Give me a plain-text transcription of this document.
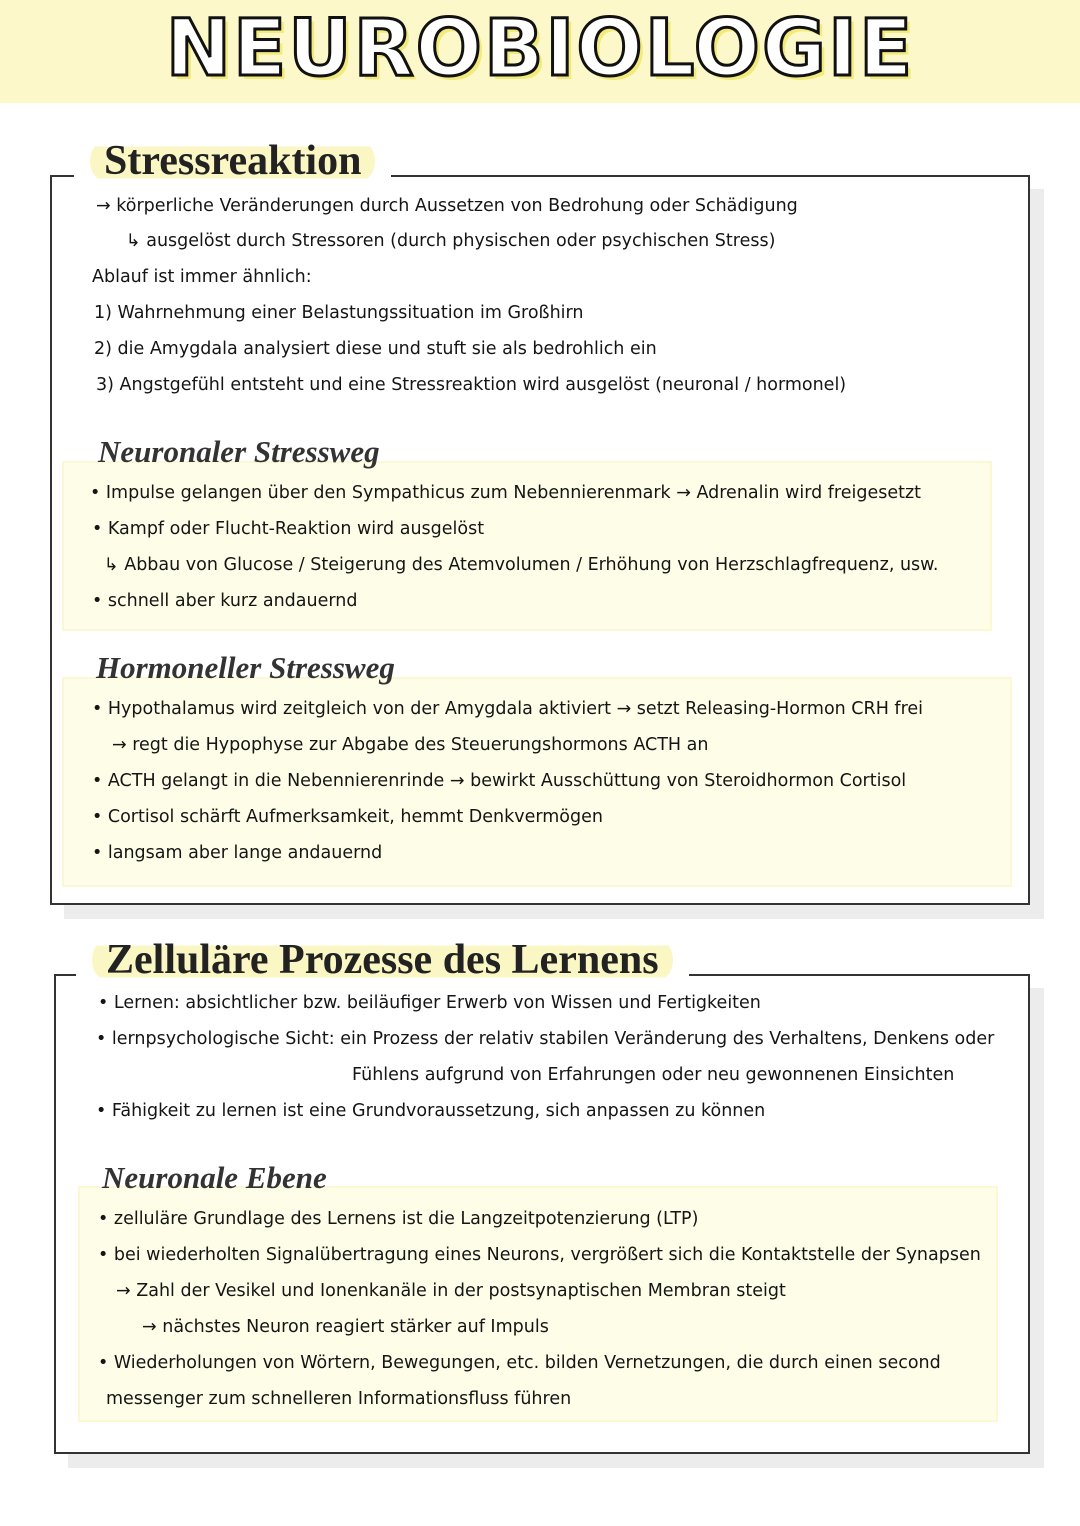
NEUROBIOLOGIE
Stressreaktion
→ körperliche Veränderungen durch Aussetzen von Bedrohung oder Schädigung
↳ ausgelöst durch Stressoren (durch physischen oder psychischen Stress)
Ablauf ist immer ähnlich:
1) Wahrnehmung einer Belastungssituation im Großhirn
2) die Amygdala analysiert diese und stuft sie als bedrohlich ein
3) Angstgefühl entsteht und eine Stressreaktion wird ausgelöst (neuronal / hormonel)
Neuronaler Stressweg
• Impulse gelangen über den Sympathicus zum Nebennierenmark → Adrenalin wird freigesetzt
• Kampf oder Flucht-Reaktion wird ausgelöst
↳ Abbau von Glucose / Steigerung des Atemvolumen / Erhöhung von Herzschlagfrequenz, usw.
• schnell aber kurz andauernd
Hormoneller Stressweg
• Hypothalamus wird zeitgleich von der Amygdala aktiviert → setzt Releasing-Hormon CRH frei
→ regt die Hypophyse zur Abgabe des Steuerungshormons ACTH an
• ACTH gelangt in die Nebennierenrinde → bewirkt Ausschüttung von Steroidhormon Cortisol
• Cortisol schärft Aufmerksamkeit, hemmt Denkvermögen
• langsam aber lange andauernd
Zelluläre Prozesse des Lernens
• Lernen: absichtlicher bzw. beiläufiger Erwerb von Wissen und Fertigkeiten
• lernpsychologische Sicht: ein Prozess der relativ stabilen Veränderung des Verhaltens, Denkens oder
Fühlens aufgrund von Erfahrungen oder neu gewonnenen Einsichten
• Fähigkeit zu lernen ist eine Grundvoraussetzung, sich anpassen zu können
Neuronale Ebene
• zelluläre Grundlage des Lernens ist die Langzeitpotenzierung (LTP)
• bei wiederholten Signalübertragung eines Neurons, vergrößert sich die Kontaktstelle der Synapsen
→ Zahl der Vesikel und Ionenkanäle in der postsynaptischen Membran steigt
→ nächstes Neuron reagiert stärker auf Impuls
• Wiederholungen von Wörtern, Bewegungen, etc. bilden Vernetzungen, die durch einen second
messenger zum schnelleren Informationsfluss führen
